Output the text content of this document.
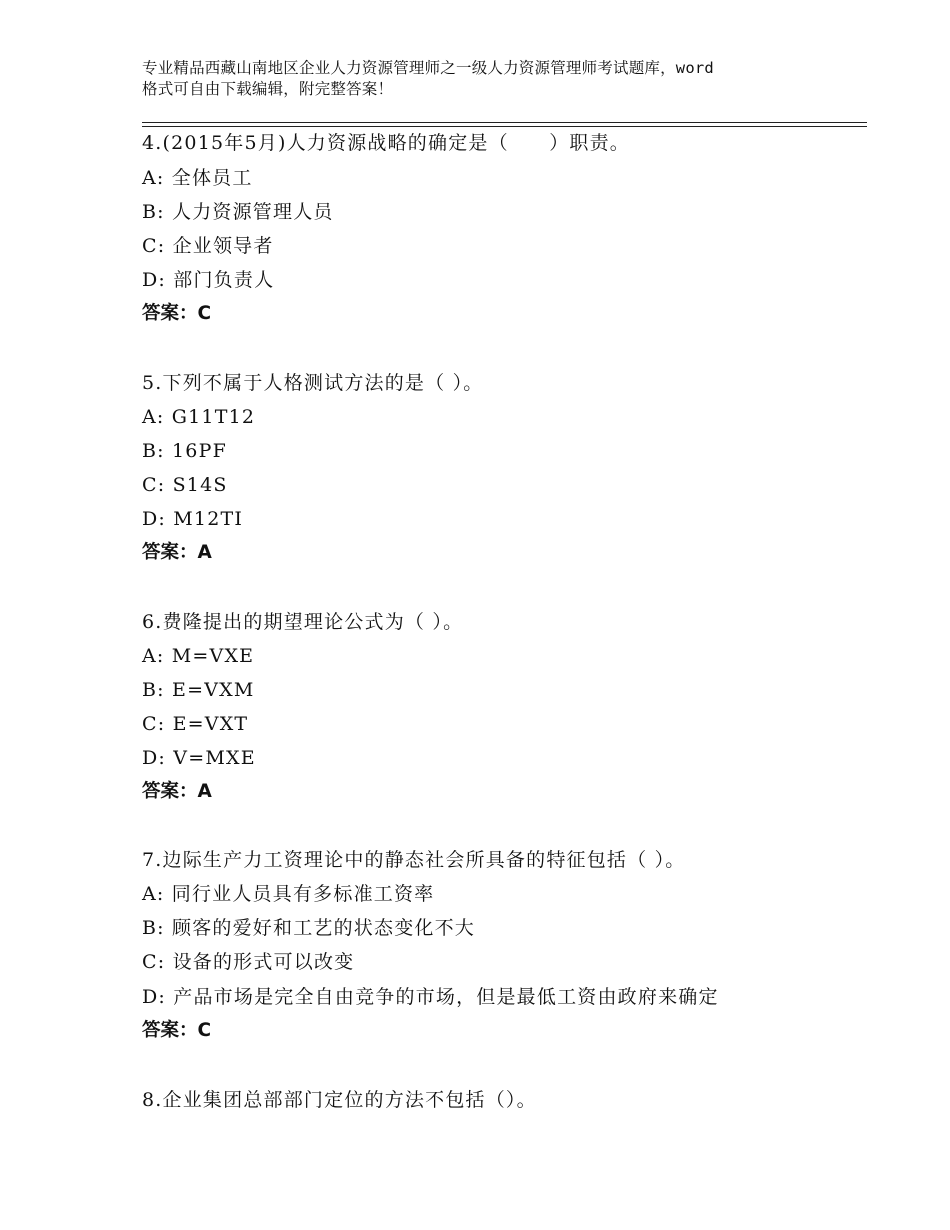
专业精品西藏山南地区企业人力资源管理师之一级人力资源管理师考试题库，word
格式可自由下载编辑，附完整答案！
4.(2015年5月)人力资源战略的确定是（　　）职责。
A: 全体员工
B: 人力资源管理人员
C: 企业领导者
D: 部门负责人
答案：C
5.下列不属于人格测试方法的是（ ）。
A: G11T12
B: 16PF
C: S14S
D: M12TI
答案：A
6.费隆提出的期望理论公式为（ ）。
A: M=VXE
B: E=VXM
C: E=VXT
D: V=MXE
答案：A
7.边际生产力工资理论中的静态社会所具备的特征包括（ ）。
A: 同行业人员具有多标准工资率
B: 顾客的爱好和工艺的状态变化不大
C: 设备的形式可以改变
D: 产品市场是完全自由竞争的市场，但是最低工资由政府来确定
答案：C
8.企业集团总部部门定位的方法不包括（）。
